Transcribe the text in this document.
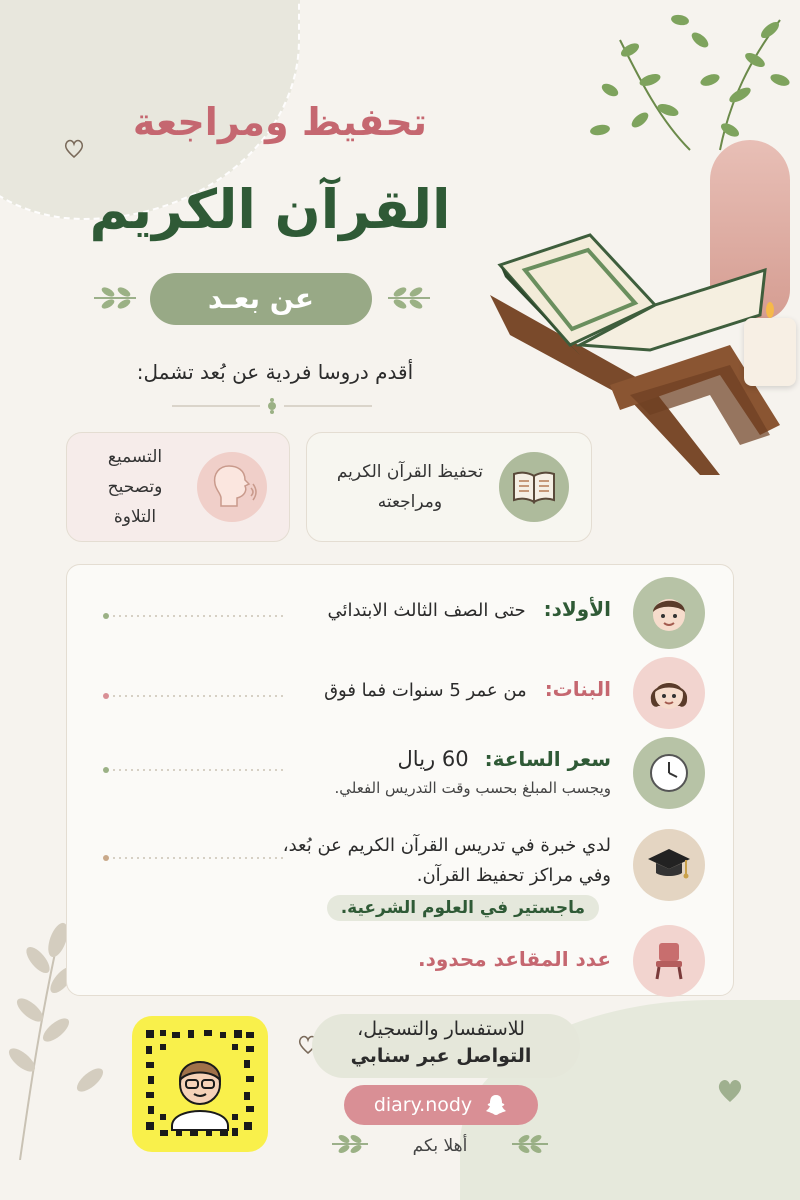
تحفيظ ومراجعة
القرآن الكريم
عن بعـد
أقدم دروسا فردية عن بُعد تشمل:
تحفيظ القرآن الكريم
ومراجعته
التسميع
وتصحيح التلاوة
الأولاد:
حتى الصف الثالث الابتدائي
البنات:
من عمر 5 سنوات فما فوق
سعر الساعة:
60 ريال
ويجسب المبلغ بحسب وقت التدريس الفعلي.
لدي خبرة في تدريس القرآن الكريم عن بُعد،
وفي مراكز تحفيظ القرآن.
ماجستير في العلوم الشرعية.
عدد المقاعد محدود.
للاستفسار والتسجيل،
التواصل عبر سنابي
diary.nody
أهلا بكم
